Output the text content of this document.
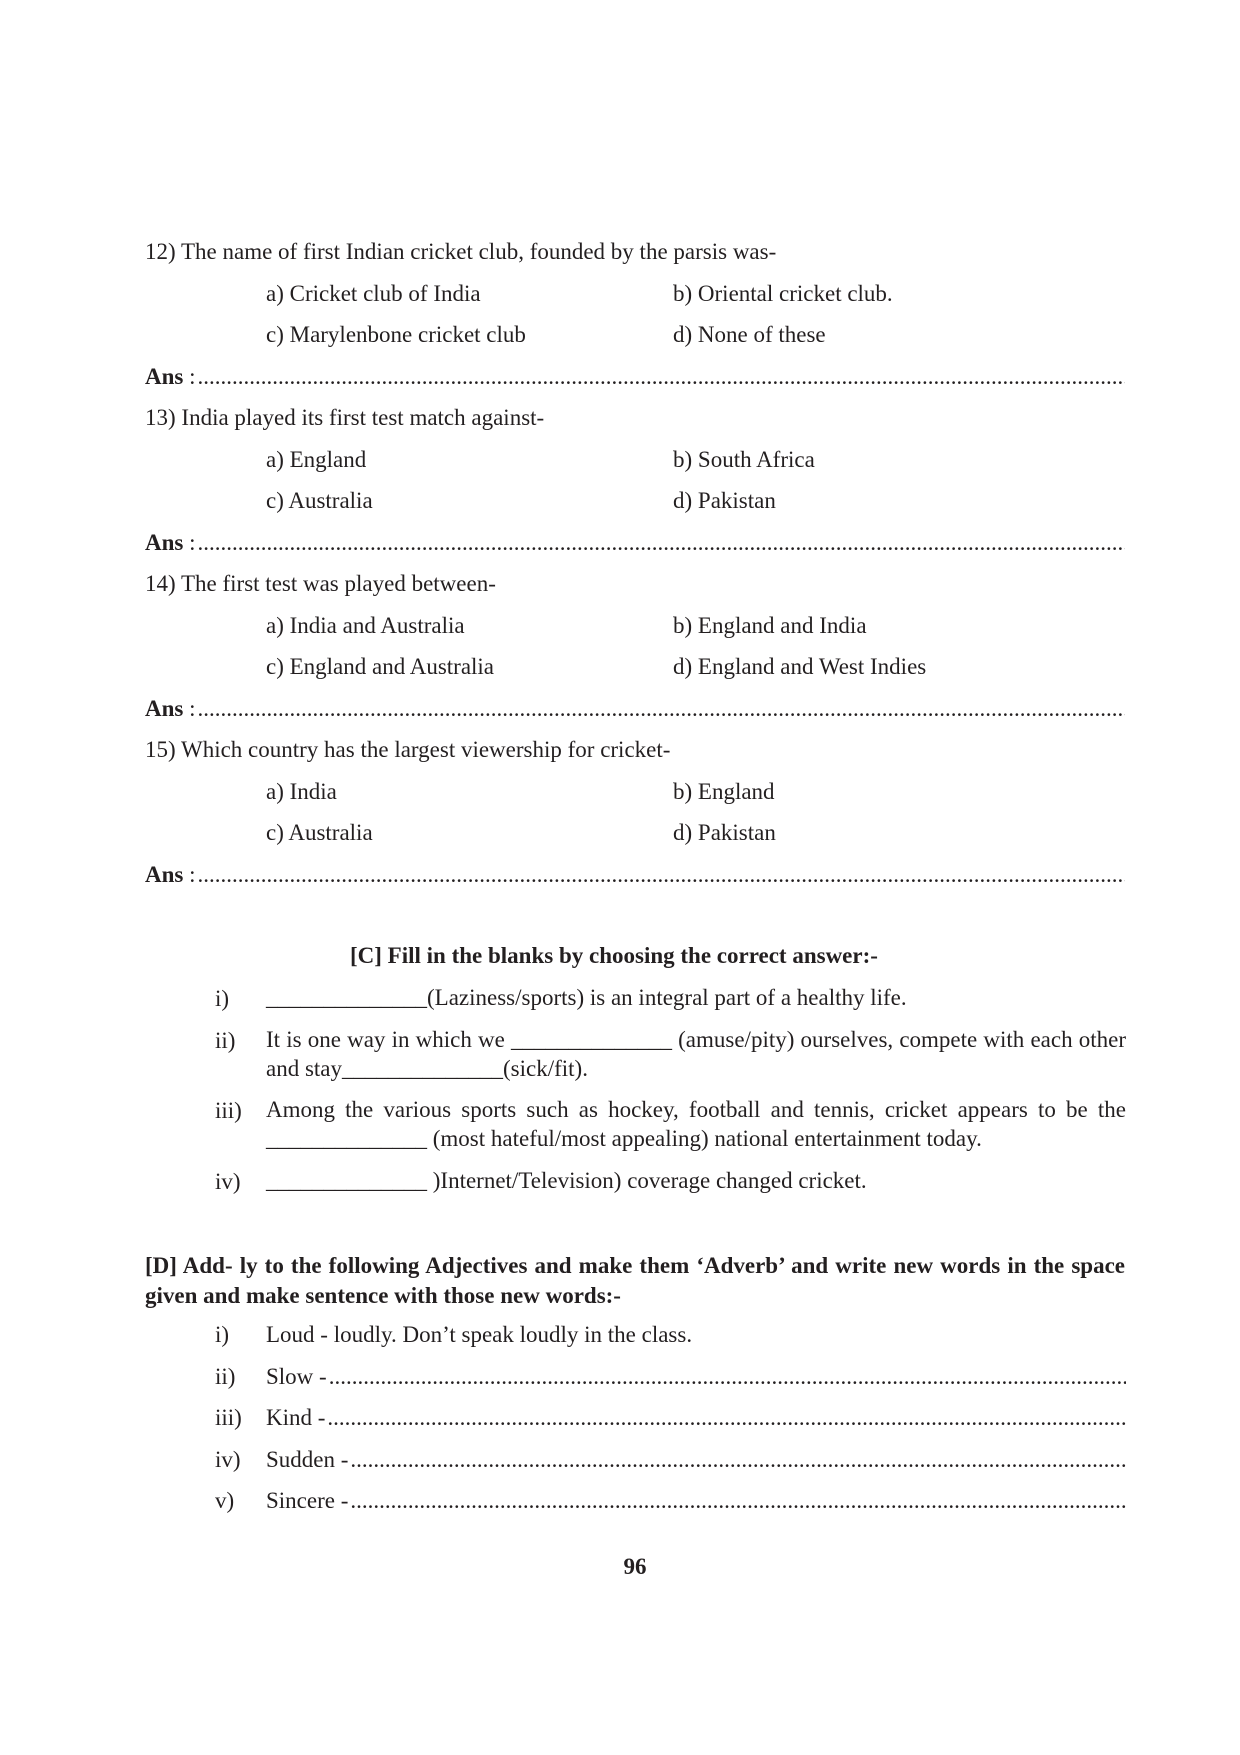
12) The name of first Indian cricket club, founded by the parsis was-
a) Cricket club of India	b) Oriental cricket club.
c) Marylenbone cricket club	d) None of these
Ans
:
.....
13) India played its first test match against-
a) England	b) South Africa
c) Australia	d) Pakistan
Ans
:
.....
14) The first test was played between-
a) India and Australia	b) England and India
c) England and Australia	d) England and West Indies
Ans
:
.....
15) Which country has the largest viewership for cricket-
a) India	b) England
c) Australia	d) Pakistan
Ans
:
.....
[C] Fill in the blanks by choosing the correct answer:-
i) ______________(Laziness/sports) is an integral part of a healthy life.
ii) It is one way in which we ______________ (amuse/pity) ourselves, compete with each other and stay______________(sick/fit).
iii) Among the various sports such as hockey, football and tennis, cricket appears to be the ______________ (most hateful/most appealing) national entertainment today.
iv) ______________ )Internet/Television) coverage changed cricket.
[D] Add- ly to the following Adjectives and make them ‘Adverb’ and write new words in the space given and make sentence with those new words:-
i) Loud - loudly. Don’t speak loudly in the class.
ii) Slow -
.....
iii) Kind -
.....
iv) Sudden -
.....
v) Sincere -
.....
96
